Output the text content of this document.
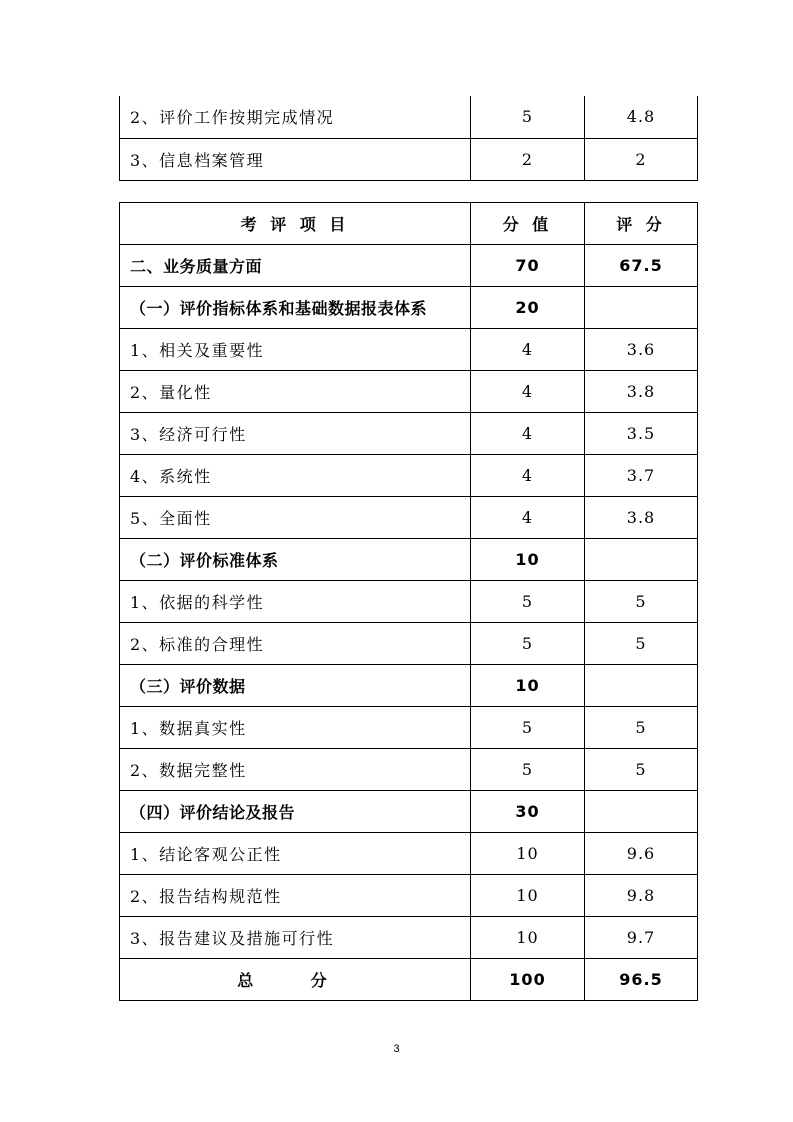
2、评价工作按期完成情况	5	4.8
3、信息档案管理	2	2
考 评 项 目	分 值	评 分
二、业务质量方面	70	67.5
（一）评价指标体系和基础数据报表体系	20	
1、相关及重要性	4	3.6
2、量化性	4	3.8
3、经济可行性	4	3.5
4、系统性	4	3.7
5、全面性	4	3.8
（二）评价标准体系	10	
1、依据的科学性	5	5
2、标准的合理性	5	5
（三）评价数据	10	
1、数据真实性	5	5
2、数据完整性	5	5
（四）评价结论及报告	30	
1、结论客观公正性	10	9.6
2、报告结构规范性	10	9.8
3、报告建议及措施可行性	10	9.7
总 分	100	96.5
3
